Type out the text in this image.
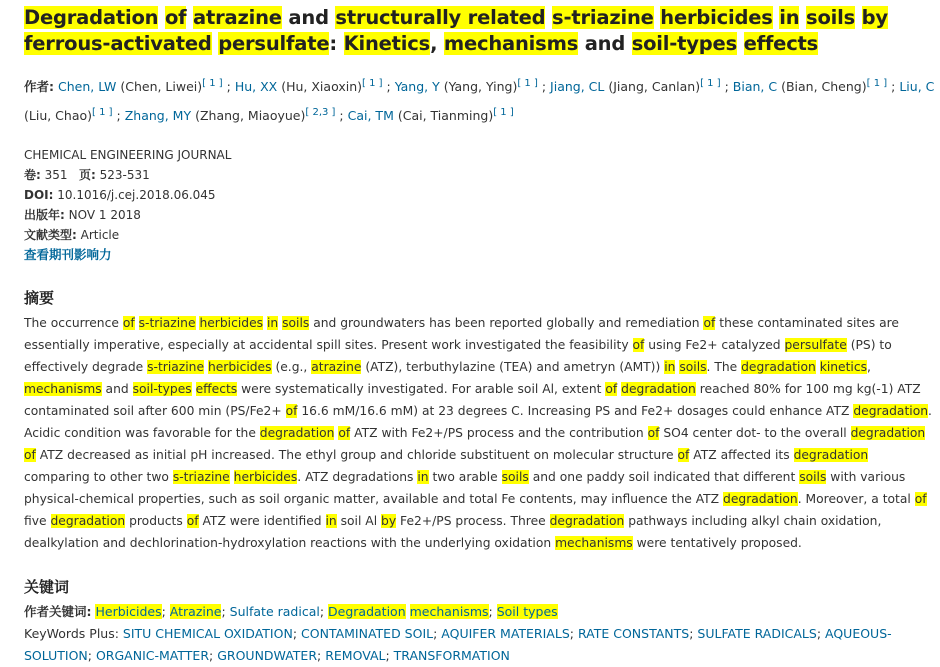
Degradation of atrazine and structurally related s-triazine herbicides in soils by ferrous-activated persulfate: Kinetics, mechanisms and soil-types effects
作者: Chen, LW (Chen, Liwei)[ 1 ] ; Hu, XX (Hu, Xiaoxin)[ 1 ] ; Yang, Y (Yang, Ying)[ 1 ] ; Jiang, CL (Jiang, Canlan)[ 1 ] ; Bian, C (Bian, Cheng)[ 1 ] ; Liu, C (Liu, Chao)[ 1 ] ; Zhang, MY (Zhang, Miaoyue)[ 2,3 ] ; Cai, TM (Cai, Tianming)[ 1 ]
CHEMICAL ENGINEERING JOURNAL
卷: 351 页: 523-531
DOI: 10.1016/j.cej.2018.06.045
出版年: NOV 1 2018
文献类型: Article
查看期刊影响力
摘要
The occurrence of s-triazine herbicides in soils and groundwaters has been reported globally and remediation of these contaminated sites are essentially imperative, especially at accidental spill sites. Present work investigated the feasibility of using Fe2+ catalyzed persulfate (PS) to effectively degrade s-triazine herbicides (e.g., atrazine (ATZ), terbuthylazine (TEA) and ametryn (AMT)) in soils. The degradation kinetics, mechanisms and soil-types effects were systematically investigated. For arable soil Al, extent of degradation reached 80% for 100 mg kg(-1) ATZ contaminated soil after 600 min (PS/Fe2+ of 16.6 mM/16.6 mM) at 23 degrees C. Increasing PS and Fe2+ dosages could enhance ATZ degradation. Acidic condition was favorable for the degradation of ATZ with Fe2+/PS process and the contribution of SO4 center dot- to the overall degradation of ATZ decreased as initial pH increased. The ethyl group and chloride substituent on molecular structure of ATZ affected its degradation comparing to other two s-triazine herbicides. ATZ degradations in two arable soils and one paddy soil indicated that different soils with various physical-chemical properties, such as soil organic matter, available and total Fe contents, may influence the ATZ degradation. Moreover, a total of five degradation products of ATZ were identified in soil Al by Fe2+/PS process. Three degradation pathways including alkyl chain oxidation, dealkylation and dechlorination-hydroxylation reactions with the underlying oxidation mechanisms were tentatively proposed.
关键词
作者关键词: Herbicides; Atrazine; Sulfate radical; Degradation mechanisms; Soil types
KeyWords Plus: SITU CHEMICAL OXIDATION; CONTAMINATED SOIL; AQUIFER MATERIALS; RATE CONSTANTS; SULFATE RADICALS; AQUEOUS-SOLUTION; ORGANIC-MATTER; GROUNDWATER; REMOVAL; TRANSFORMATION
